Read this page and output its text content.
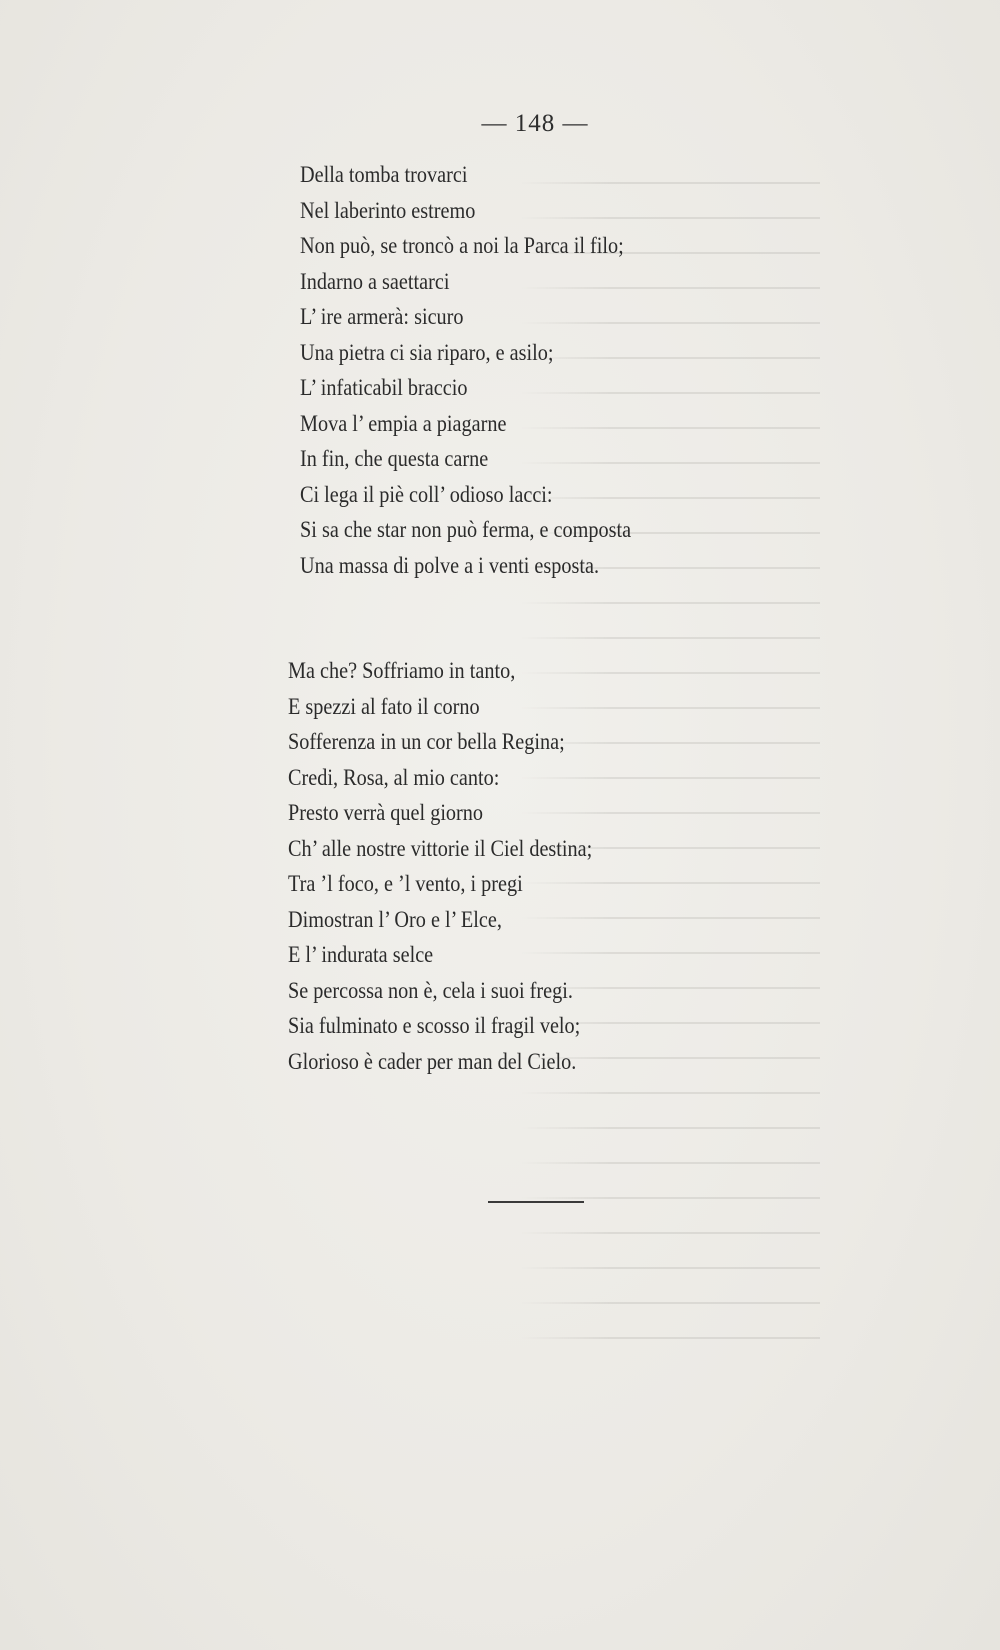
— 148 —
Della tomba trovarci
Nel laberinto estremo
Non può, se troncò a noi la Parca il filo;
Indarno a saettarci
L’ ire armerà: sicuro
Una pietra ci sia riparo, e asilo;
L’ infaticabil braccio
Mova l’ empia a piagarne
In fin, che questa carne
Ci lega il piè coll’ odioso lacci:
Si sa che star non può ferma, e composta
Una massa di polve a i venti esposta.
Ma che? Soffriamo in tanto,
E spezzi al fato il corno
Sofferenza in un cor bella Regina;
Credi, Rosa, al mio canto:
Presto verrà quel giorno
Ch’ alle nostre vittorie il Ciel destina;
Tra ’l foco, e ’l vento, i pregi
Dimostran l’ Oro e l’ Elce,
E l’ indurata selce
Se percossa non è, cela i suoi fregi.
Sia fulminato e scosso il fragil velo;
Glorioso è cader per man del Cielo.
